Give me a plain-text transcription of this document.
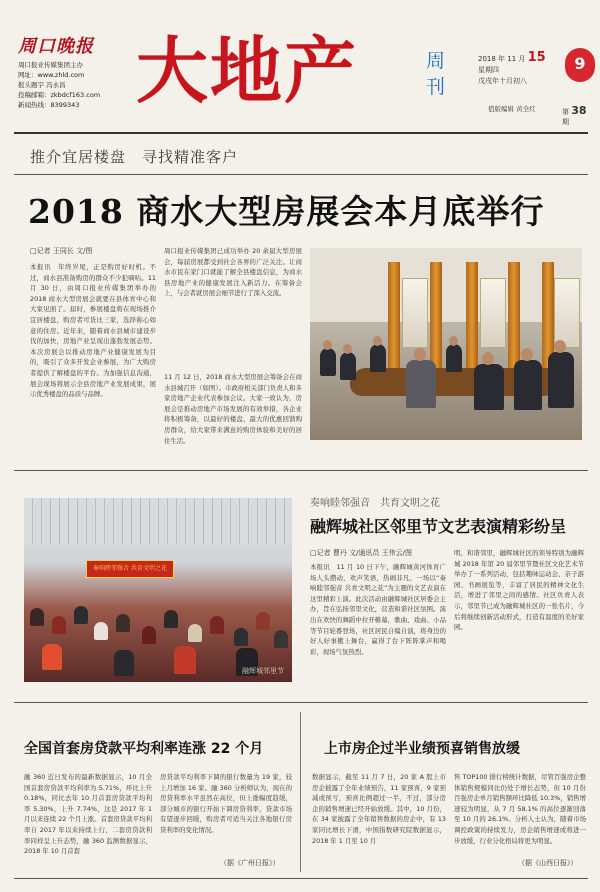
周口晚报
周口报业传媒集团主办
网址：www.zhld.com
报头题字 冯永昌
投稿邮箱：zkbdcf163.com
新闻热线：8399343 大地产	周刊
2018 年 11 月 15
星期四
戊戌年十月初八
9
值版编辑 黄全红	第 38期
推介宜居楼盘　寻找精准客户
2018 商水大型房展会本月底举行
□记者 王同长 文/图
本报讯　年终岁尾，正是购房好时机。不过，商水县准备购房的群众不少犯嘀咕。11 月 30 日，由周口报业传媒集团举办的 2018 商水大型房展会就要在县体育中心和大家见面了。届时，参展楼盘将在现场推介宜居楼盘，购房者可货比三家，选择称心如意的住房。近年来，随着商水县城市建设步伐的加快，房地产业呈现出蓬勃发展态势。本次房展会以推动房地产业健康发展为目的，吸引了众多开发企业参展，为广大购房者提供了解楼盘的平台。为加强信息沟通，展会现场将展示全县房地产业发展成果，展示优秀楼盘的品质与品牌。
周口报业传媒集团已成功举办 20 余届大型房展会，每届房展都受到社会各界的广泛关注。让商水市民在家门口就能了解全县楼盘信息，为商水县房地产业的健康发展注入新活力。在筹备会上，与会者就房展会细节进行了深入交流。
11 月 12 日，2018 商水大型房展会筹备会在商水县城召开（如图）。市政府相关部门负责人和多家房地产企业代表参加会议。大家一致认为，房展会是推动房地产市场发展的有效举措，各企业将积极筹备，以最好的楼盘、最大的优惠回馈购房群众，给大家带来满意的购房体验和美好的居住生活。
奏响睦邻强音 共育文明之花
融辉城邻里节
奏响睦邻强音　共育文明之花
融辉城社区邻里节文艺表演精彩纷呈
□记者 曹丹 文/通讯员 王伟云/图
本报讯　11 月 10 日下午，融辉城黄河体育广场人头攒动，欢声笑语，热闹非凡。一场以“奏响睦邻强音 共育文明之花”为主题的文艺表演在这里精彩上演。此次活动由融辉城社区居委会主办，旨在弘扬邻里文化，营造和谐社区氛围。演出在欢快的舞蹈中拉开帷幕，歌曲、戏曲、小品等节目轮番登场，社区居民自编自演，将身边的好人好事搬上舞台，赢得了台下阵阵掌声和喝彩，现场气氛热烈。
明、和谐邻里，融辉城社区的领导特别为融辉城 2018 年第 20 届邻里节暨社区文化艺术节举办了一系列活动，包括趣味运动会、亲子游园、书画展览等，丰富了居民的精神文化生活，增进了邻里之间的感情。社区负责人表示，邻里节已成为融辉城社区的一张名片，今后将继续创新活动形式，打造有温度的美好家园。
全国首套房贷款平均利率连涨 22 个月
融 360 近日发布的最新数据显示，10 月全国首套房贷款平均利率为 5.71%，环比上升 0.18%，同比去年 10 月首套房贷款平均利率 5.30%，上升 7.74%，这是 2017 年 1 月以来连续 22 个月上涨。首套房贷款平均利率自 2017 年以来持续上行，二套房贷款利率同样呈上升态势，融 360 监测数据显示，2018 年 10 月首套
房贷款平均利率下调的银行数量为 19 家，较上月增加 16 家。融 360 分析师认为，现在的房贷利率水平虽然在高位，但上涨幅度趋缓，部分城市的银行开始下调房贷利率，贷款市场有望逐步回暖，购房者可适当关注各地银行房贷利率的变化情况。
（据《广州日报》）
上市房企过半业绩预喜销售放缓
数据显示，截至 11 月 7 日，20 家 A 股上市房企披露了全年业绩预告，11 家预喜，9 家预减或预亏，预喜比例超过一半，不过，部分房企的销售增速已经开始放缓。其中，10 月份，在 34 家披露了全年销售数据的房企中，有 13 家同比增长下滑，中国指数研究院数据显示，2018 年 1 月至 10 月
售 TOP100 排行榜统计数据，尽管百强房企整体销售规模同比仍处于增长态势，但 10 月份百强房企单月销售额环比降低 10.3%，销售增速较为明显，从 7 月 58.1% 的高位逐渐回落至 10 月的 26.1%。分析人士认为，随着市场调控政策的持续发力，房企销售增速或将进一步放缓，行业分化格局将更为明显。
（据《山西日报》）
